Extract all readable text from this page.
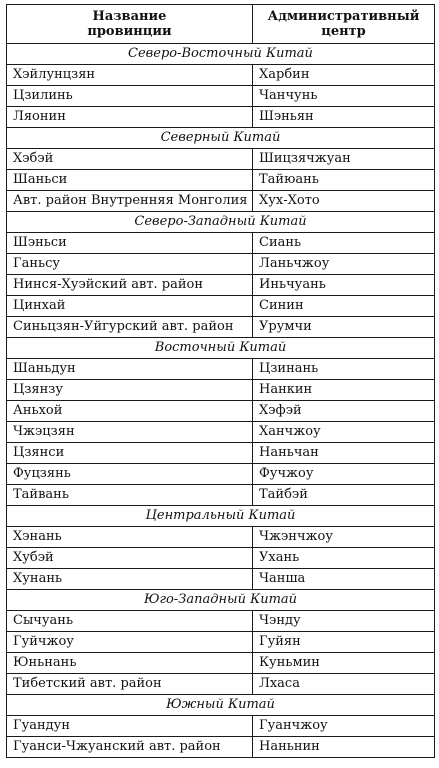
Название
провинции	Административный
центр

Северо-Восточный Китай	
Хэйлунцзян	Харбин
Цзилинь	Чанчунь
Ляонин	Шэньян
Северный Китай	
Хэбэй	Шицзячжуан
Шаньси	Тайюань
Авт. район Внутренняя Монголия	Хух-Хото
Северо-Западный Китай	
Шэньси	Сиань
Ганьсу	Ланьчжоу
Нинся-Хуэйский авт. район	Иньчуань
Цинхай	Синин
Синьцзян-Уйгурский авт. район	Урумчи
Восточный Китай	
Шаньдун	Цзинань
Цзянзу	Нанкин
Аньхой	Хэфэй
Чжэцзян	Ханчжоу
Цзянси	Наньчан
Фуцзянь	Фучжоу
Тайвань	Тайбэй
Центральный Китай	
Хэнань	Чжэнчжоу
Хубэй	Ухань
Хунань	Чанша
Юго-Западный Китай	
Сычуань	Чэнду
Гуйчжоу	Гуйян
Юньнань	Куньмин
Тибетский авт. район	Лхаса
Южный Китай	
Гуандун	Гуанчжоу
Гуанси-Чжуанский авт. район	Наньнин
